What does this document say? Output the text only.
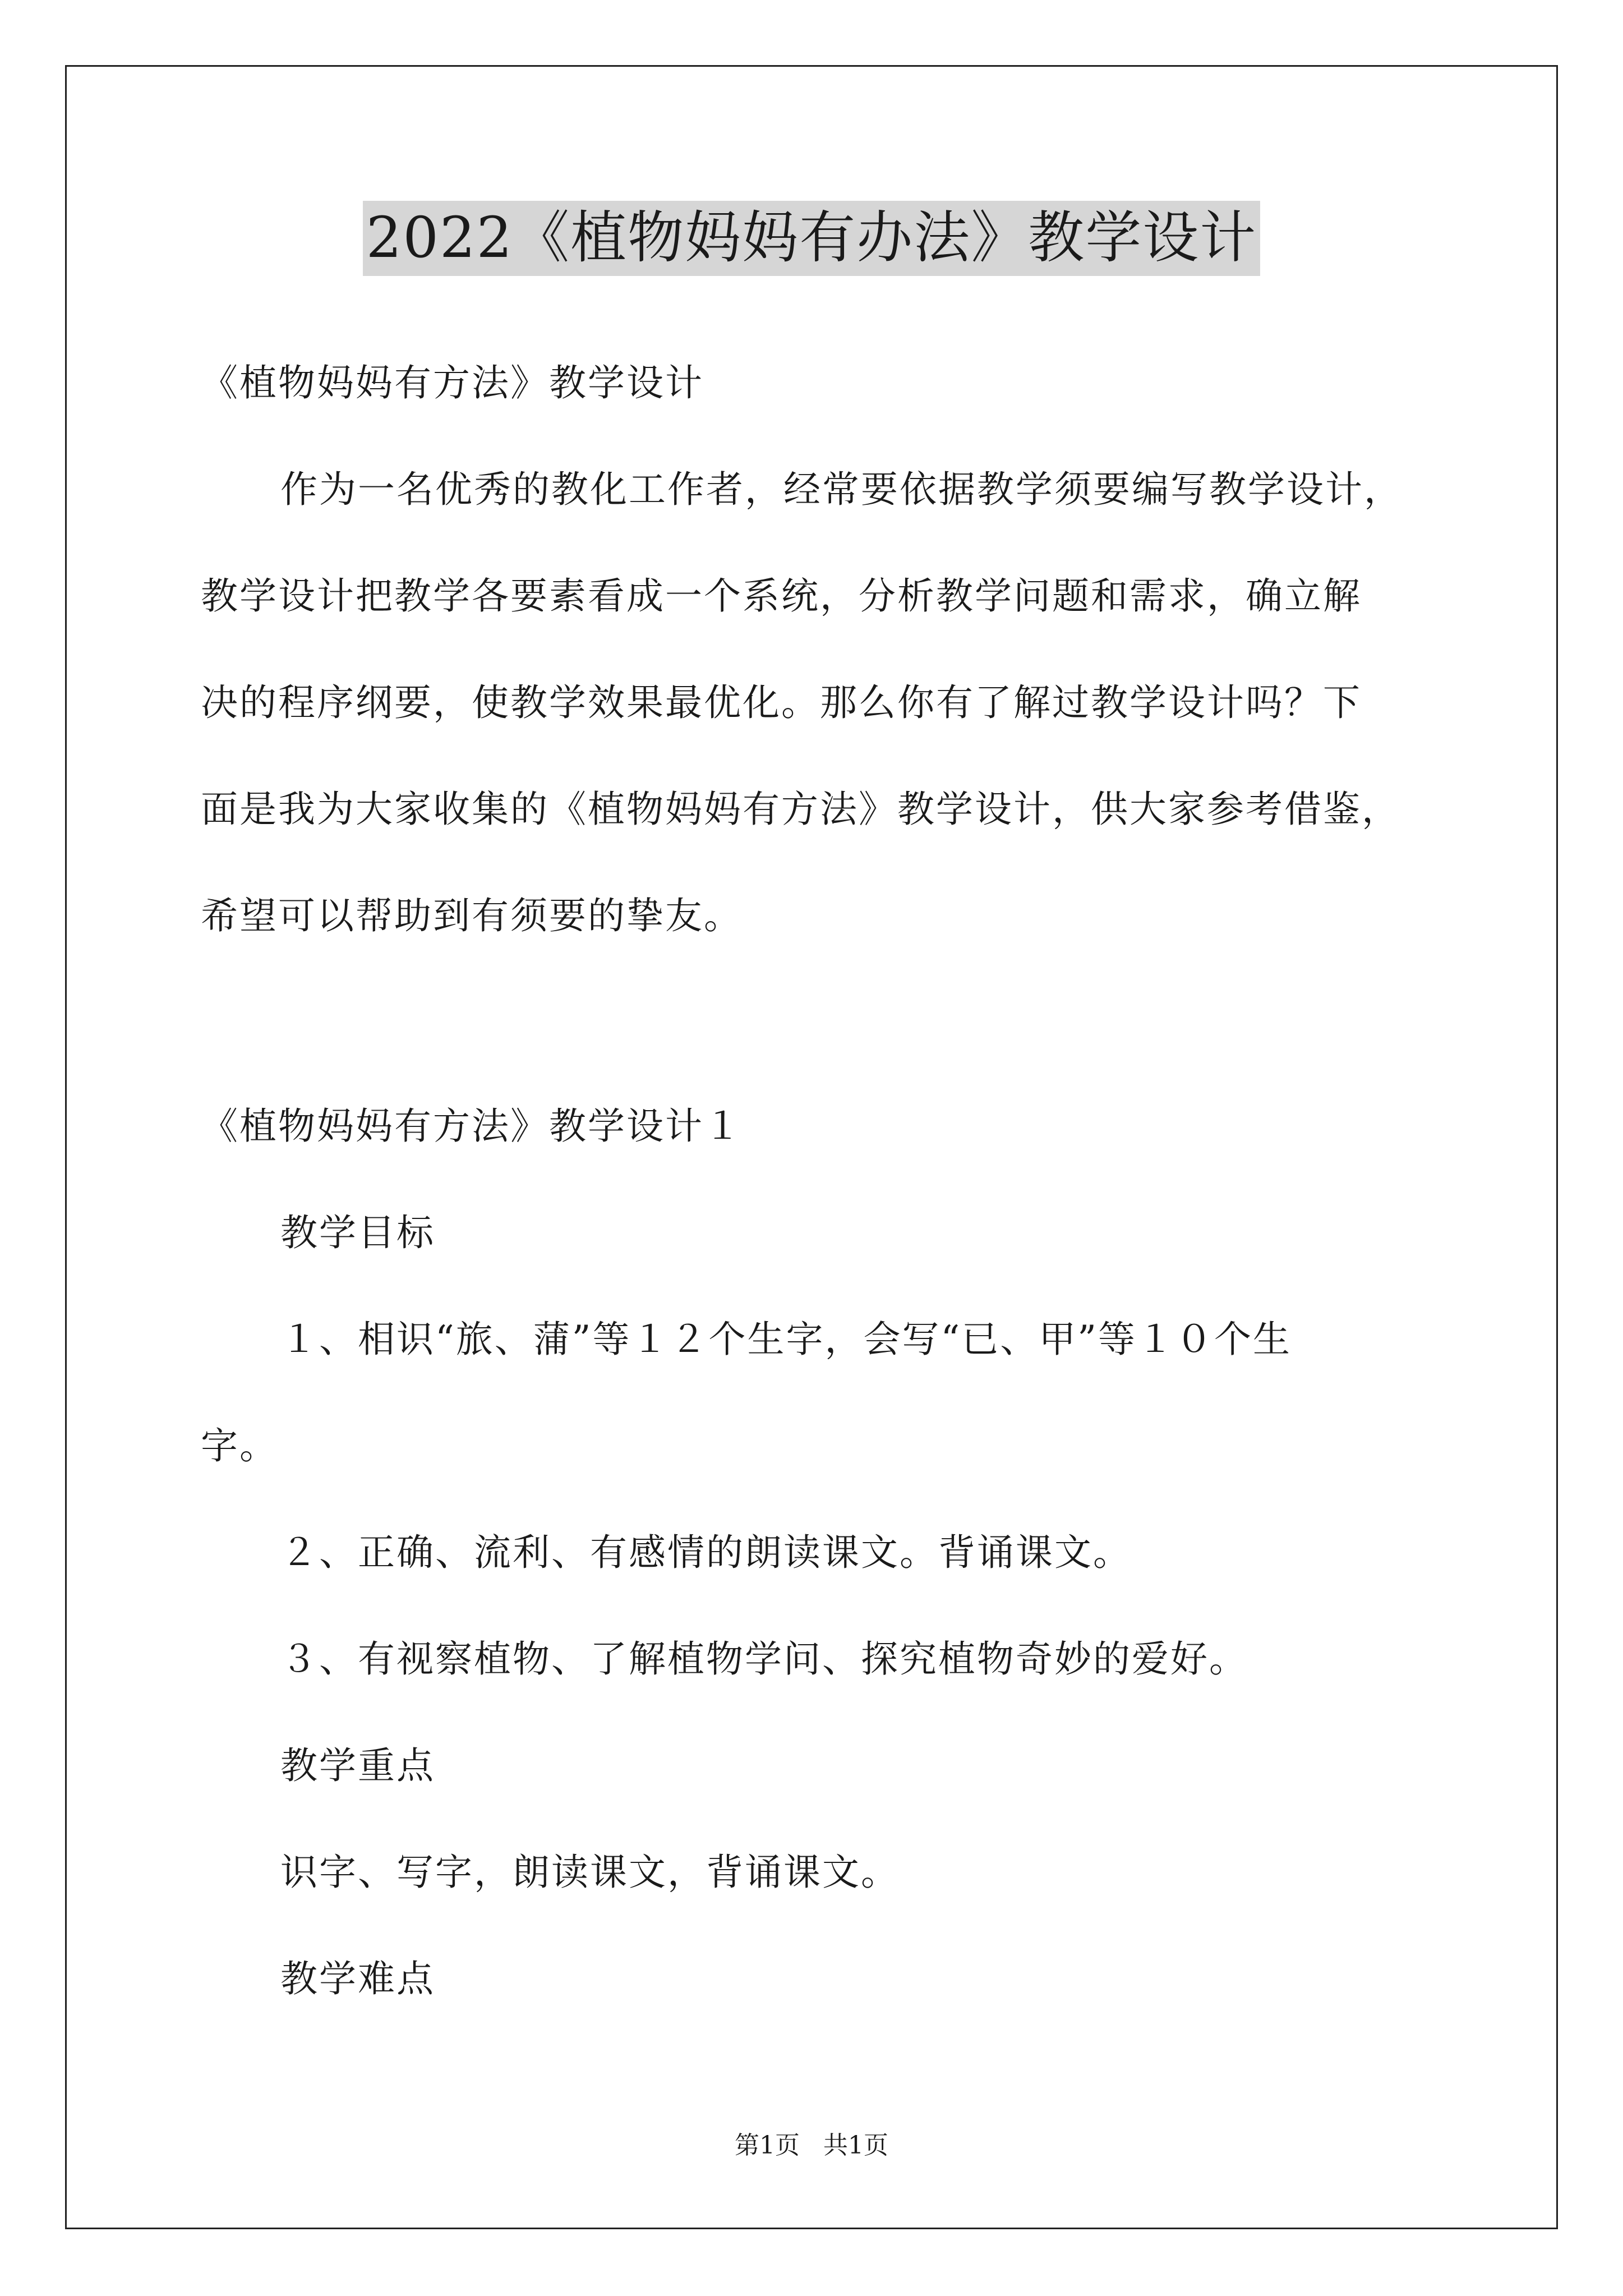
2022《植物妈妈有办法》教学设计
《植物妈妈有方法》教学设计
作为一名优秀的教化工作者，经常要依据教学须要编写教学设计，
教学设计把教学各要素看成一个系统，分析教学问题和需求，确立解
决的程序纲要，使教学效果最优化。那么你有了解过教学设计吗？下
面是我为大家收集的《植物妈妈有方法》教学设计，供大家参考借鉴，
希望可以帮助到有须要的挚友。
《植物妈妈有方法》教学设计１
教学目标
１、相识“旅、蒲”等１２个生字，会写“已、甲”等１０个生
字。
２、正确、流利、有感情的朗读课文。背诵课文。
３、有视察植物、了解植物学问、探究植物奇妙的爱好。
教学重点
识字、写字，朗读课文，背诵课文。
教学难点
第1页   共1页
